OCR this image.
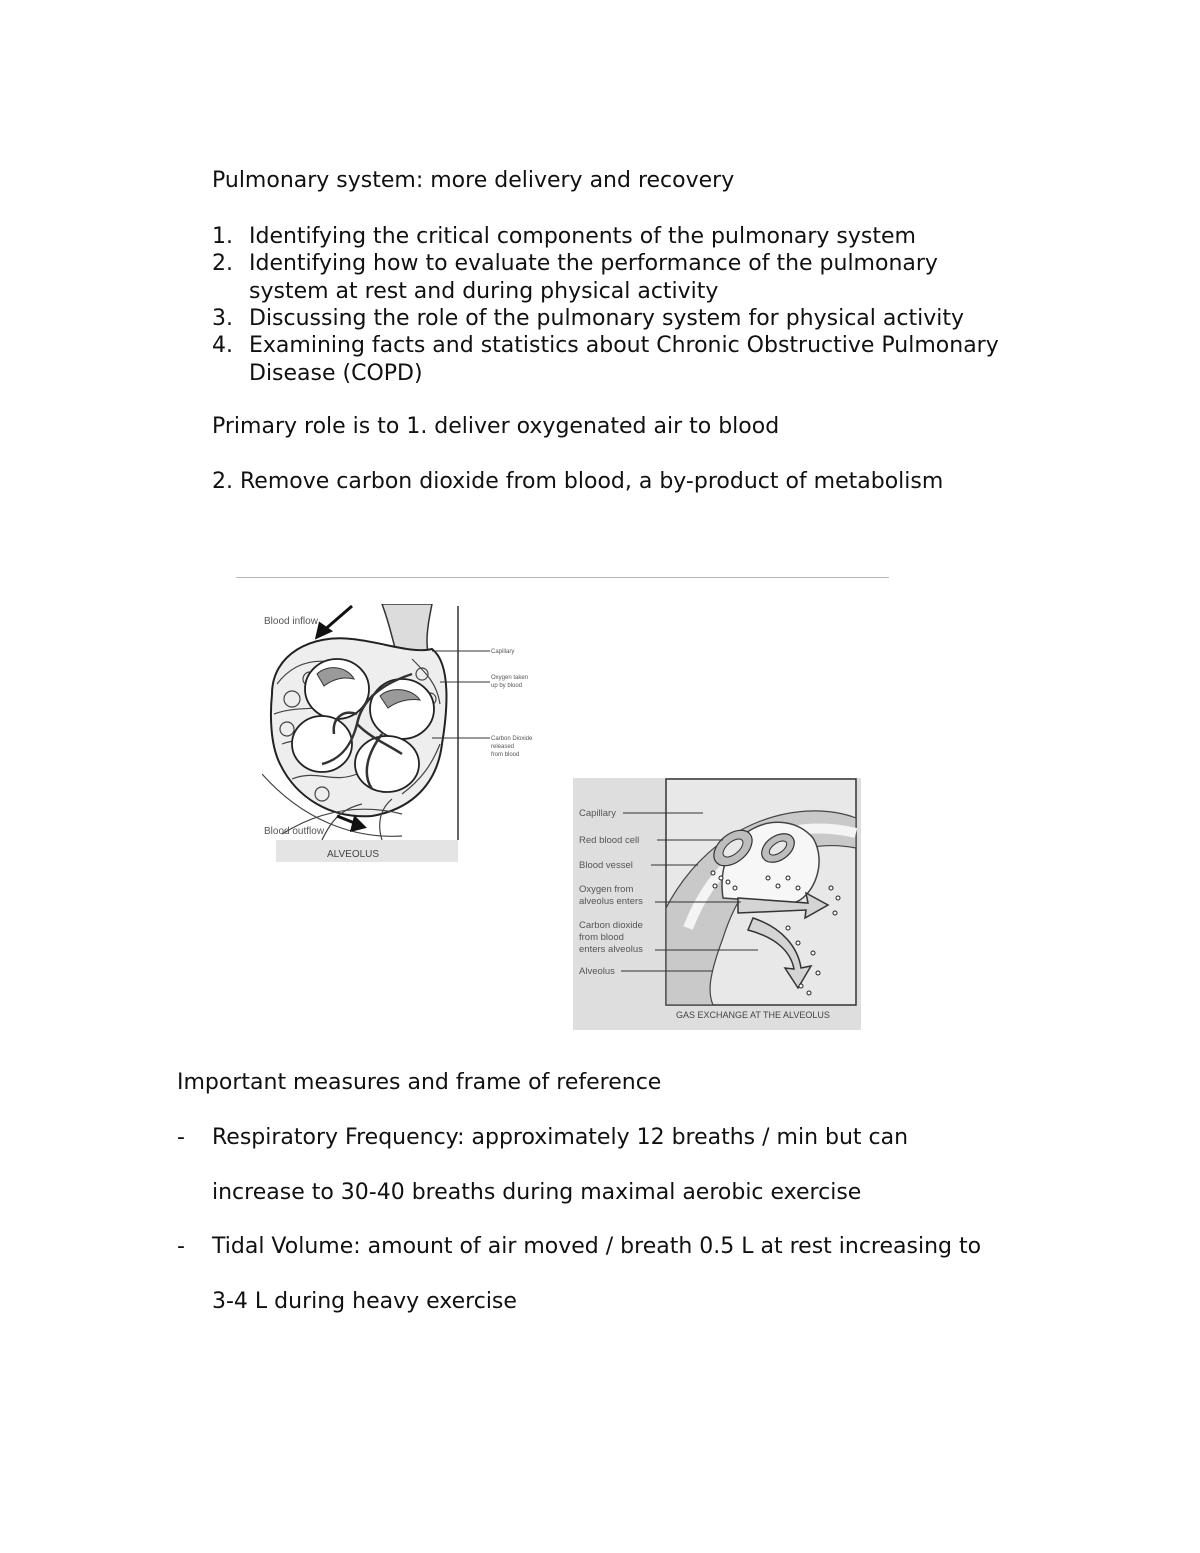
Pulmonary system: more delivery and recovery

1. Identifying the critical components of the pulmonary system
2. Identifying how to evaluate the performance of the pulmonary
system at rest and during physical activity
3. Discussing the role of the pulmonary system for physical activity
4. Examining facts and statistics about Chronic Obstructive Pulmonary
Disease (COPD)

Primary role is to 1. deliver oxygenated air to blood

2. Remove carbon dioxide from blood, a by-product of metabolism

Blood inflow
Capillary
Oxygen taken
up by blood
Carbon Dioxide
released
from blood
Blood outflow
ALVEOLUS
Capillary
Red blood cell
Blood vessel
Oxygen from
alveolus enters
Carbon dioxide
from blood
enters alveolus
Alveolus
GAS EXCHANGE AT THE ALVEOLUS

Important measures and frame of reference

- Respiratory Frequency: approximately 12 breaths / min but can
increase to 30-40 breaths during maximal aerobic exercise
- Tidal Volume: amount of air moved / breath 0.5 L at rest increasing to
3-4 L during heavy exercise
